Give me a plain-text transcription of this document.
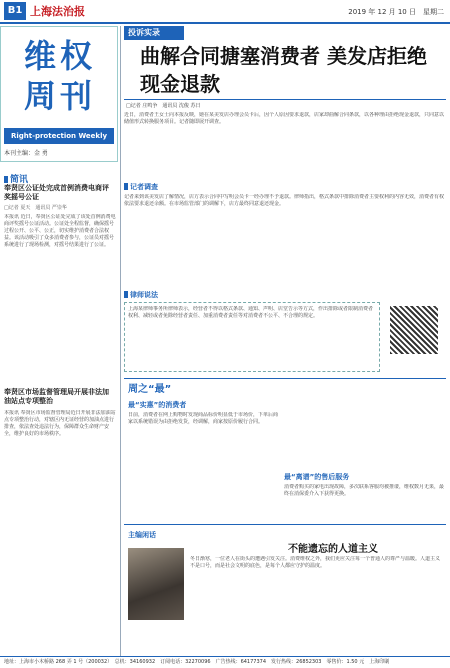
B1 上海法治报	2019 年 12 月 10 日　星期二
维权周刊
Right-protection Weekly
本刊主编：金 勇
简讯
奉贤区公证处完成首例消费电商评奖摇号公证
□记者 夏天　通讯员 严崇华
本报讯 近日，奉贤区公证处完成了该处首例消费电商评奖摇号公证活动。公证处全程监督，确保摇号过程公开、公平、公正，切实维护消费者合法权益。该活动吸引了众多消费者参与，公证员对摇号系统进行了现场检测，对摇号结果进行了公证。
奉贤区市场监督管理局开展非法加油站点专项整治
本报讯 奉贤区市场监督管理局近日开展非法加油站点专项整治行动，对辖区内无证经营的加油点进行排查，依法查处违法行为，保障群众生命财产安全，维护良好的市场秩序。
投诉实录
曲解合同搪塞消费者 美发店拒绝现金退款
□记者 庄鸣争　通讯员 沈俊 苏日
近日，消费者王女士向本报反映，她在某美发店办理会员卡后，因个人原因要求退款，店家却曲解合同条款，以各种理由拒绝现金退款，只同意以储值形式转换服务项目。记者随即展开调查。
记者调查
记者来到该美发店了解情况，店方表示合同中写明会员卡一经办理不予退款。律师指出，格式条款中排除消费者主要权利的内容无效，消费者有权依法要求退还余额。在市场监管部门的调解下，店方最终同意退还现金。
律师说法
上海某律师事务所律师表示，经营者不得以格式条款、通知、声明、店堂告示等方式，作出排除或者限制消费者权利、减轻或者免除经营者责任、加重消费者责任等对消费者不公平、不合理的规定。
周之“最”
最“实惠”的消费者
日前，消费者在网上购物时发现商品标价明显低于市场价，下单后商家以系统错误为由拒绝发货，经调解，商家按原价履行合同。
最“离谱”的售后服务
消费者购买的家电出现故障，多次联系客服均被推诿，维权数月无果，最终在消保委介入下获得更换。
主编闲话
不能遗忘的人道主义
冬日渐寒，一位老人在街头的遭遇引发关注。消费维权之外，我们更应关注每一个普通人的尊严与温暖。人道主义不是口号，而是社会文明的底色，是每个人都应守护的温度。
地址：上海市小木桥路 268 弄 1 号（200032）　总机：34160932　订阅电话：32270096　广告热线：64177374　发行热线：26852303　零售价：1.50 元　上海印刷
